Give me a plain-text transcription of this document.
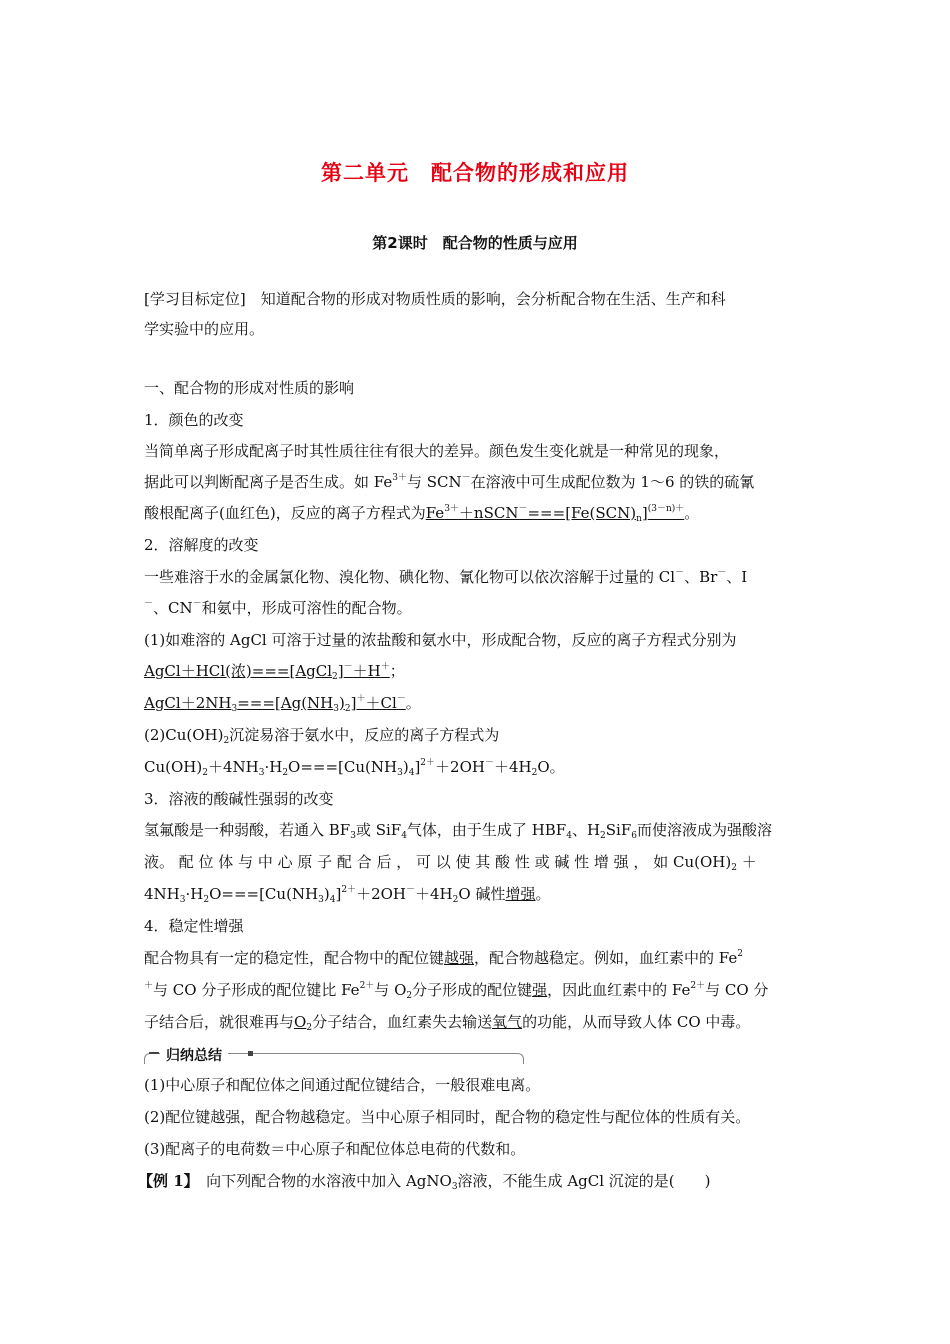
第二单元　配合物的形成和应用
第2课时　配合物的性质与应用
[学习目标定位]　知道配合物的形成对物质性质的影响，会分析配合物在生活、生产和科
学实验中的应用。
一、配合物的形成对性质的影响
1．颜色的改变
当简单离子形成配离子时其性质往往有很大的差异。颜色发生变化就是一种常见的现象，
据此可以判断配离子是否生成。如 $Fe^{3+}$与 SCN－在溶液中可生成配位数为 1～6 的铁的硫氰
酸根配离子(血红色)，反应的离子方程式为$Fe^{3+}+nSCN^-===[Fe(SCN)_n]^{(3-n)+}$。
2．溶解度的改变
一些难溶于水的金属氯化物、溴化物、碘化物、氰化物可以依次溶解于过量的 Cl－、Br－、I
－、CN－和氨中，形成可溶性的配合物。
(1)如难溶的 AgCl 可溶于过量的浓盐酸和氨水中，形成配合物，反应的离子方程式分别为
AgCl＋HCl(浓)===[AgCl$_2$]－＋H＋；
$AgCl+2NH_3===[Ag(NH_3)_2]^++Cl^-$。
$(2)Cu(OH)_2$沉淀易溶于氨水中，反应的离子方程式为
$Cu(OH)_2+4NH_3\cdot H_2O===[Cu(NH_3)_4]^{2+}+2OH^-+4H_2O$。
3．溶液的酸碱性强弱的改变
氢氟酸是一种弱酸，若通入 $BF_3$或 SiF$_4$气体，由于生成了 $HBF_4$、$H_2SiF_6$而使溶液成为强酸溶
液。 配 位 体 与 中 心 原 子 配 合 后 ， 可 以 使 其 酸 性 或 碱 性 增 强 ， 如 $Cu(OH)_2$ ＋
$4NH_3\cdot H_2O===[Cu(NH_3)_4]^{2+}+2OH^-+4H_2O$ 碱性增强。
4．稳定性增强
配合物具有一定的稳定性，配合物中的配位键越强，配合物越稳定。例如，血红素中的 Fe$^2$
＋与 CO 分子形成的配位键比 $Fe^{2+}$与 $O_2$分子形成的配位键强，因此血红素中的 $Fe^{2+}$与 CO 分
子结合后，就很难再与$O_2$分子结合，血红素失去输送氧气的功能，从而导致人体 CO 中毒。
归纳总结
(1)中心原子和配位体之间通过配位键结合，一般很难电离。
(2)配位键越强，配合物越稳定。当中心原子相同时，配合物的稳定性与配位体的性质有关。
(3)配离子的电荷数＝中心原子和配位体总电荷的代数和。
【例 1】　向下列配合物的水溶液中加入 AgNO$_3$溶液，不能生成 AgCl 沉淀的是(　　)
